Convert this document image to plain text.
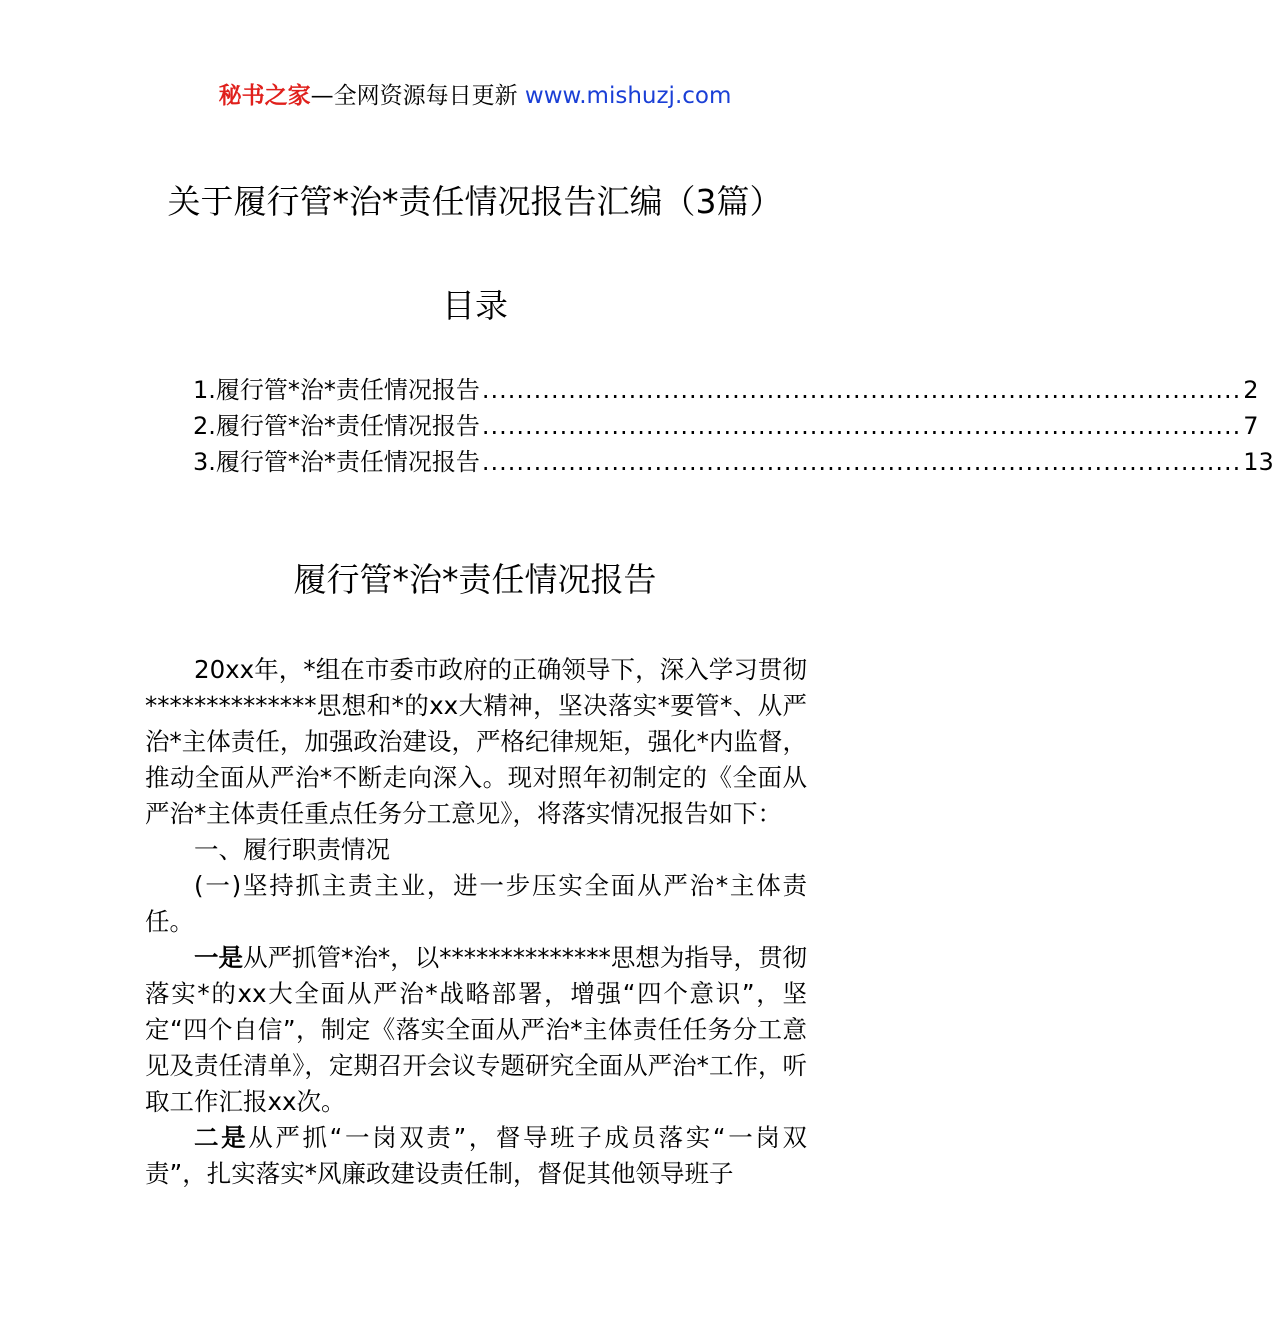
秘书之家—全网资源每日更新 www.mishuzj.com
关于履行管*治*责任情况报告汇编（3篇）
目录
1.履行管*治*责任情况报告 ........................................................................................ 2
2.履行管*治*责任情况报告 ........................................................................................ 7
3.履行管*治*责任情况报告 ........................................................................................ 13
履行管*治*责任情况报告

20xx年，*组在市委市政府的正确领导下，深入学习贯彻**************思想和*的xx大精神，坚决落实*要管*、从严治*主体责任，加强政治建设，严格纪律规矩，强化*内监督，推动全面从严治*不断走向深入。现对照年初制定的《全面从严治*主体责任重点任务分工意见》，将落实情况报告如下：

一、履行职责情况

(一)坚持抓主责主业，进一步压实全面从严治*主体责任。

一是从严抓管*治*，以**************思想为指导，贯彻落实*的xx大全面从严治*战略部署，增强“四个意识”，坚定“四个自信”，制定《落实全面从严治*主体责任任务分工意见及责任清单》，定期召开会议专题研究全面从严治*工作，听取工作汇报xx次。

二是从严抓“一岗双责”，督导班子成员落实“一岗双责”，扎实落实*风廉政建设责任制，督促其他领导班子
